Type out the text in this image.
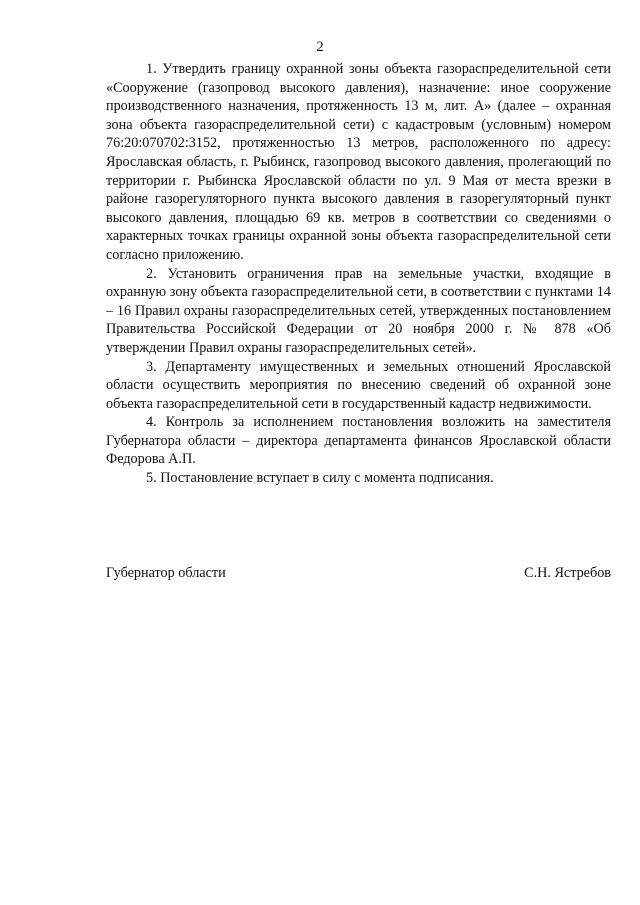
2

1. Утвердить границу охранной зоны объекта газораспределительной сети «Сооружение (газопровод высокого давления), назначение: иное сооружение производственного назначения, протяженность 13 м, лит. А» (далее – охранная зона объекта газораспределительной сети) с кадастровым (условным) номером 76:20:070702:3152, протяженностью 13 метров, расположенного по адресу: Ярославская область, г. Рыбинск, газопровод высокого давления, пролегающий по территории г. Рыбинска Ярославской области по ул. 9 Мая от места врезки в районе газорегуляторного пункта высокого давления в газорегуляторный пункт высокого давления, площадью 69 кв. метров в соответствии со сведениями о характерных точках границы охранной зоны объекта газораспределительной сети согласно приложению.

2. Установить ограничения прав на земельные участки, входящие в охранную зону объекта газораспределительной сети, в соответствии с пунктами 14 – 16 Правил охраны газораспределительных сетей, утвержденных постановлением Правительства Российской Федерации от 20 ноября 2000 г. № 878 «Об утверждении Правил охраны газораспределительных сетей».

3. Департаменту имущественных и земельных отношений Ярославской области осуществить мероприятия по внесению сведений об охранной зоне объекта газораспределительной сети в государственный кадастр недвижимости.

4. Контроль за исполнением постановления возложить на заместителя Губернатора области – директора департамента финансов Ярославской области Федорова А.П.

5. Постановление вступает в силу с момента подписания.

Губернатор области	С.Н. Ястребов
